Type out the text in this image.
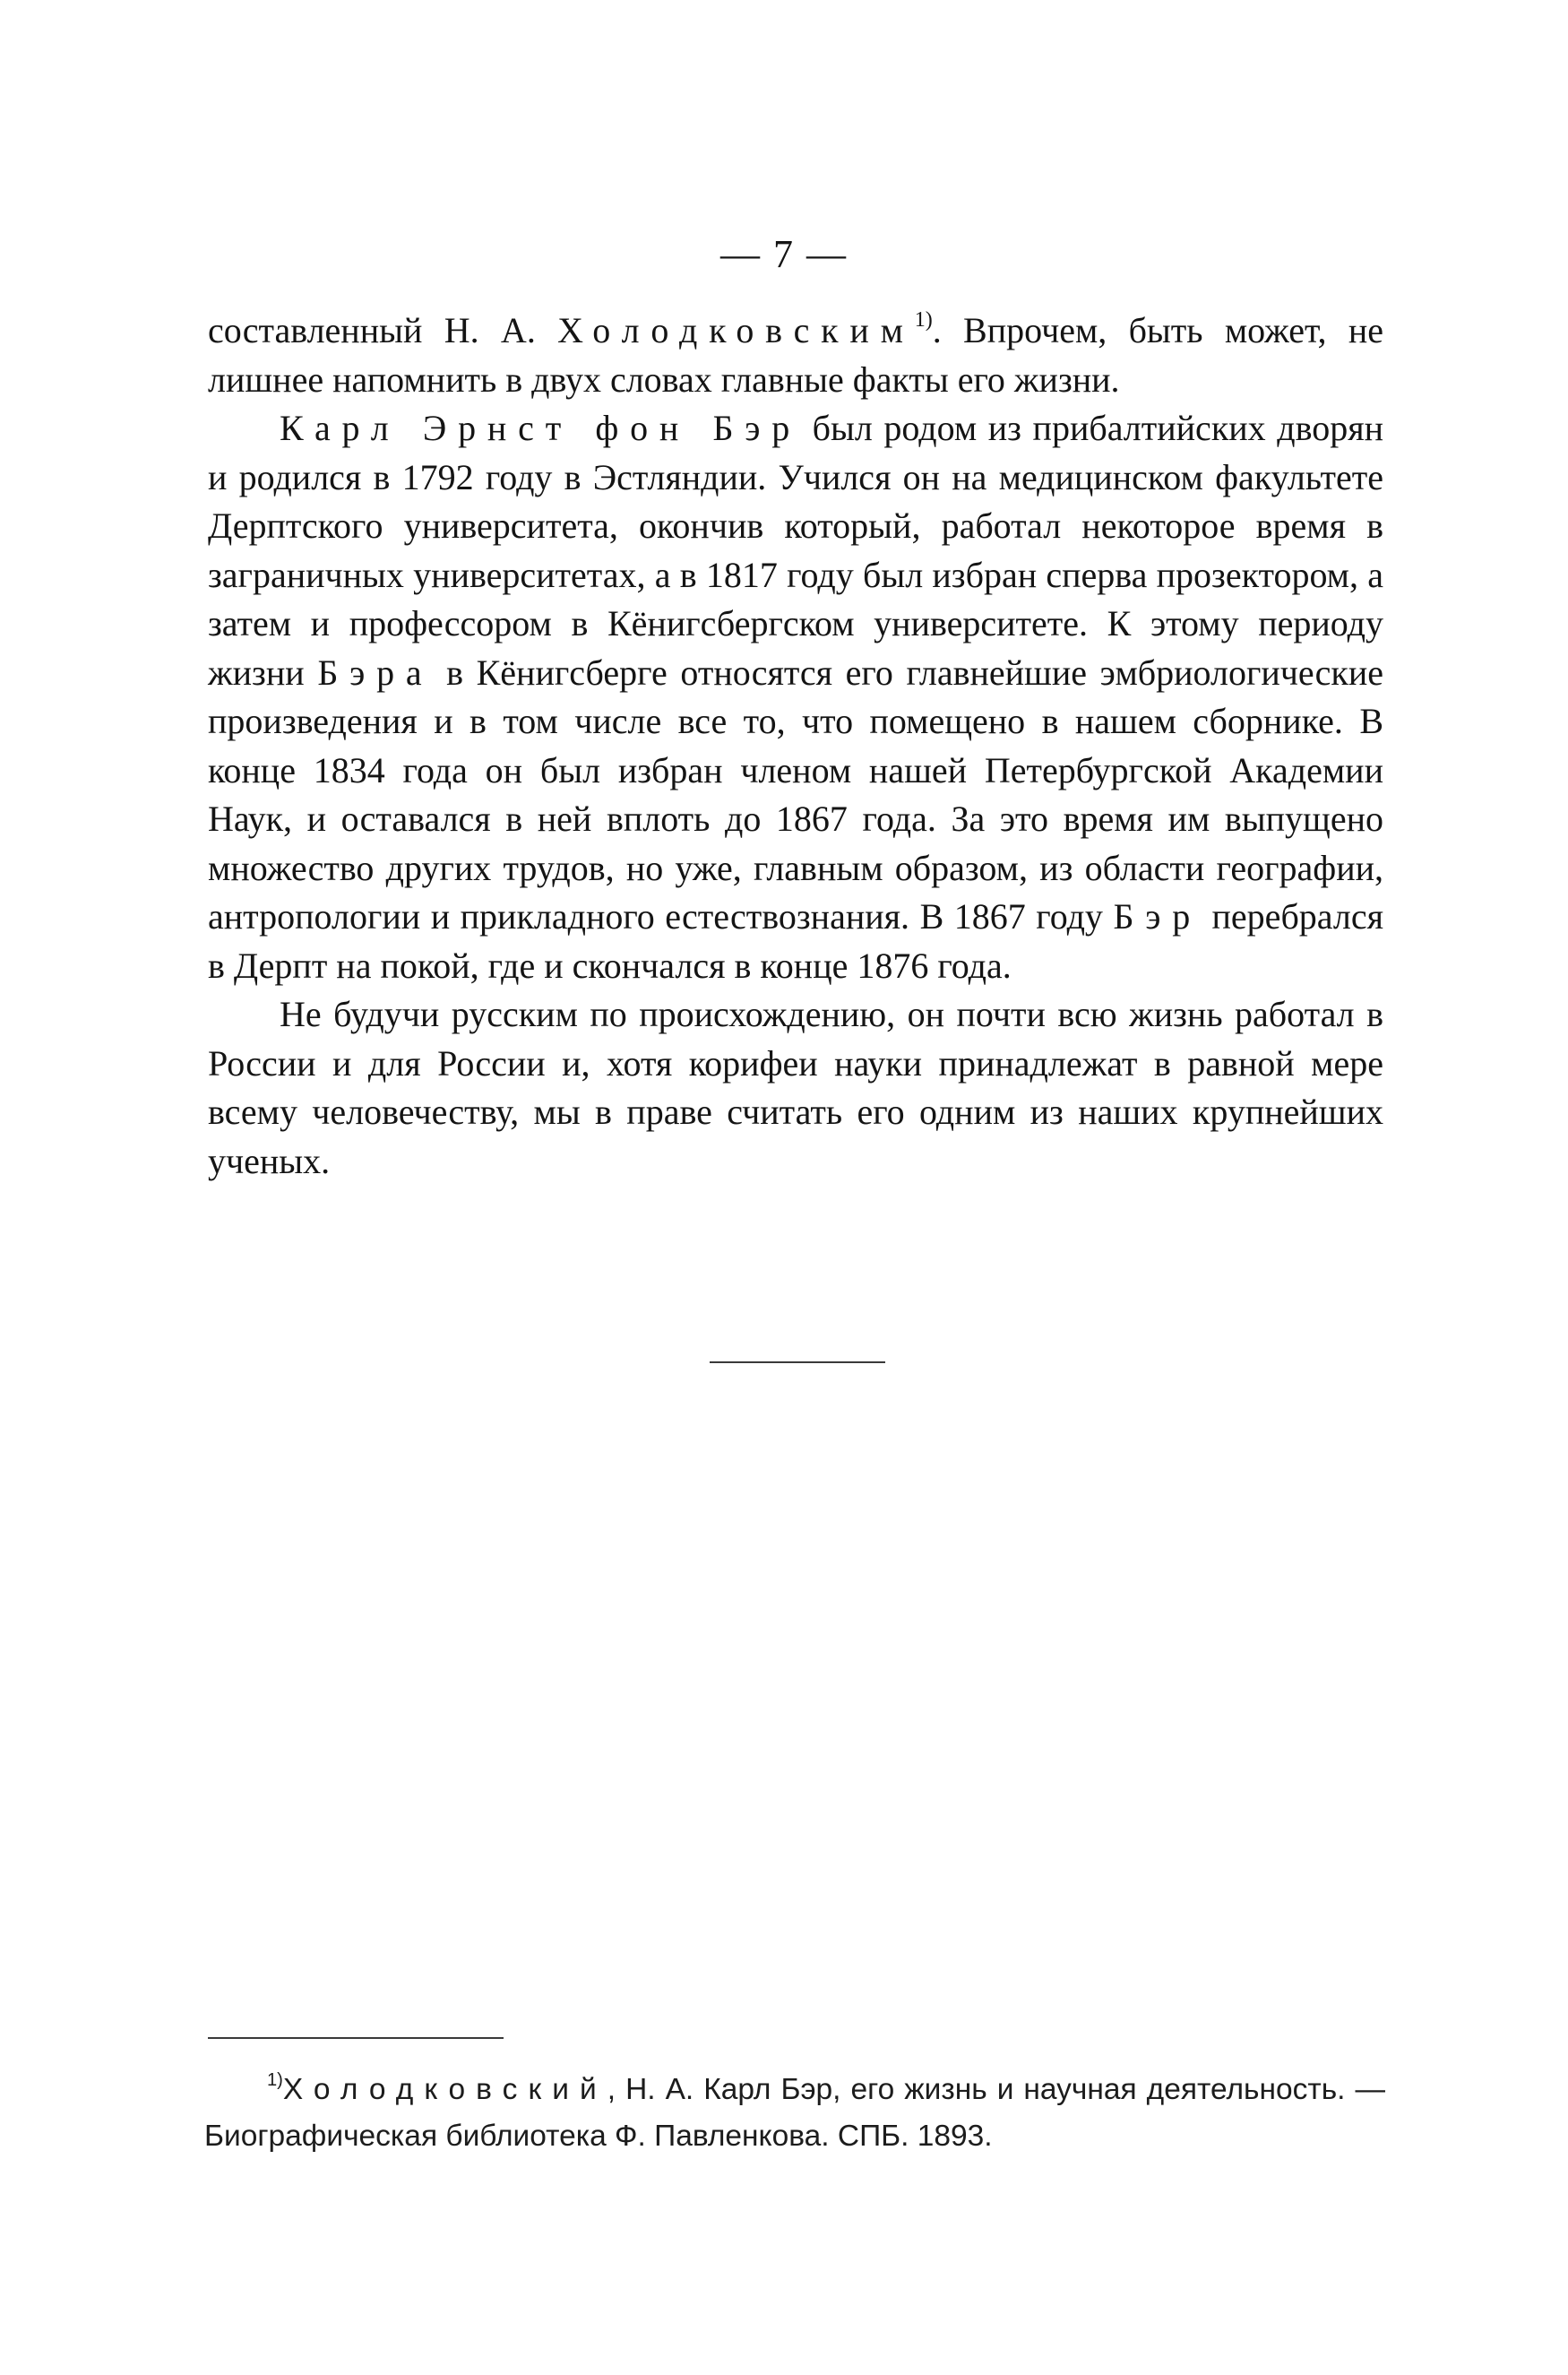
— 7 —

составленный Н. А. Холодковским$^{1)}$. Впрочем, быть может, не лишнее напомнить в двух словах главные факты его жизни.

Карл Эрнст фон Бэр был родом из прибалтийских дворян и родился в 1792 году в Эстляндии. Учился он на медицинском факультете Дерптского университета, окончив который, работал некоторое время в заграничных университетах, а в 1817 году был избран сперва прозектором, а затем и профессором в Кёнигсбергском университете. К этому периоду жизни Бэра в Кёнигсберге относятся его главнейшие эмбриологические произведения и в том числе все то, что помещено в нашем сборнике. В конце 1834 года он был избран членом нашей Петербургской Академии Наук, и оставался в ней вплоть до 1867 года. За это время им выпущено множество других трудов, но уже, главным образом, из области географии, антропологии и прикладного естествознания. В 1867 году Бэр перебрался в Дерпт на покой, где и скончался в конце 1876 года.

Не будучи русским по происхождению, он почти всю жизнь работал в России и для России и, хотя корифеи науки принадлежат в равной мере всему человечеству, мы в праве считать его одним из наших крупнейших ученых.

$^{1)}$Холодковский, Н. А. Карл Бэр, его жизнь и научная деятельность. — Биографическая библиотека Ф. Павленкова. СПБ. 1893.
